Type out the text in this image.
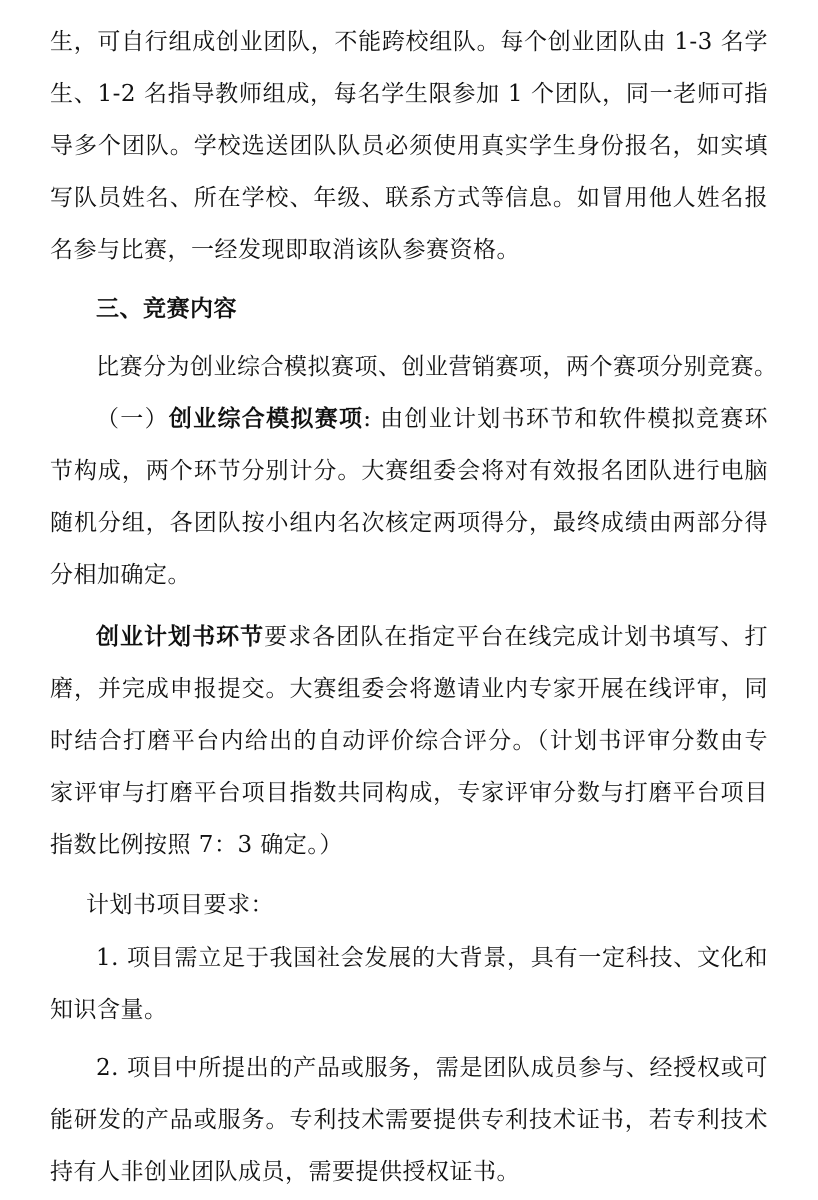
生，可自行组成创业团队，不能跨校组队。每个创业团队由 1-3 名学
生、1-2 名指导教师组成，每名学生限参加 1 个团队，同一老师可指
导多个团队。学校选送团队队员必须使用真实学生身份报名，如实填
写队员姓名、所在学校、年级、联系方式等信息。如冒用他人姓名报
名参与比赛，一经发现即取消该队参赛资格。
三、竞赛内容
比赛分为创业综合模拟赛项、创业营销赛项，两个赛项分别竞赛。
（一）创业综合模拟赛项: 由创业计划书环节和软件模拟竞赛环
节构成，两个环节分别计分。大赛组委会将对有效报名团队进行电脑
随机分组，各团队按小组内名次核定两项得分，最终成绩由两部分得
分相加确定。
创业计划书环节要求各团队在指定平台在线完成计划书填写、打
磨，并完成申报提交。大赛组委会将邀请业内专家开展在线评审，同
时结合打磨平台内给出的自动评价综合评分。（计划书评审分数由专
家评审与打磨平台项目指数共同构成，专家评审分数与打磨平台项目
指数比例按照 7：3 确定。）
计划书项目要求：
1. 项目需立足于我国社会发展的大背景，具有一定科技、文化和
知识含量。
2. 项目中所提出的产品或服务，需是团队成员参与、经授权或可
能研发的产品或服务。专利技术需要提供专利技术证书，若专利技术
持有人非创业团队成员，需要提供授权证书。
